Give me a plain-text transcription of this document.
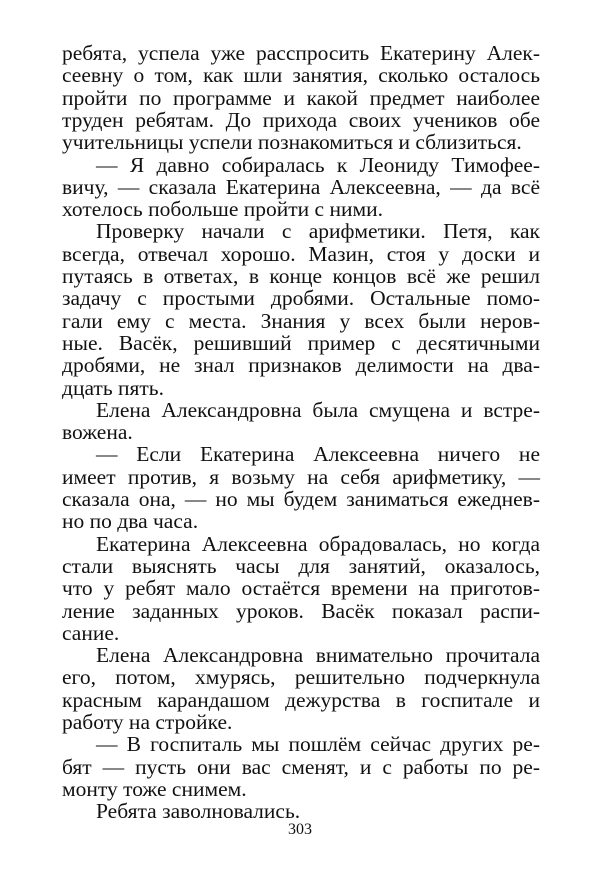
ребята, успела уже расспросить Екатерину Алек-
сеевну о том, как шли занятия, сколько осталось
пройти по программе и какой предмет наиболее
труден ребятам. До прихода своих учеников обе
учительницы успели познакомиться и сблизиться.
— Я давно собиралась к Леониду Тимофее-
вичу, — сказала Екатерина Алексеевна, — да всё
хотелось побольше пройти с ними.
Проверку начали с арифметики. Петя, как
всегда, отвечал хорошо. Мазин, стоя у доски и
путаясь в ответах, в конце концов всё же решил
задачу с простыми дробями. Остальные помо-
гали ему с места. Знания у всех были неров-
ные. Васёк, решивший пример с десятичными
дробями, не знал признаков делимости на два-
дцать пять.
Елена Александровна была смущена и встре-
вожена.
— Если Екатерина Алексеевна ничего не
имеет против, я возьму на себя арифметику, —
сказала она, — но мы будем заниматься ежеднев-
но по два часа.
Екатерина Алексеевна обрадовалась, но когда
стали выяснять часы для занятий, оказалось,
что у ребят мало остаётся времени на приготов-
ление заданных уроков. Васёк показал распи-
сание.
Елена Александровна внимательно прочитала
его, потом, хмурясь, решительно подчеркнула
красным карандашом дежурства в госпитале и
работу на стройке.
— В госпиталь мы пошлём сейчас других ре-
бят — пусть они вас сменят, и с работы по ре-
монту тоже снимем.
Ребята заволновались.
303
